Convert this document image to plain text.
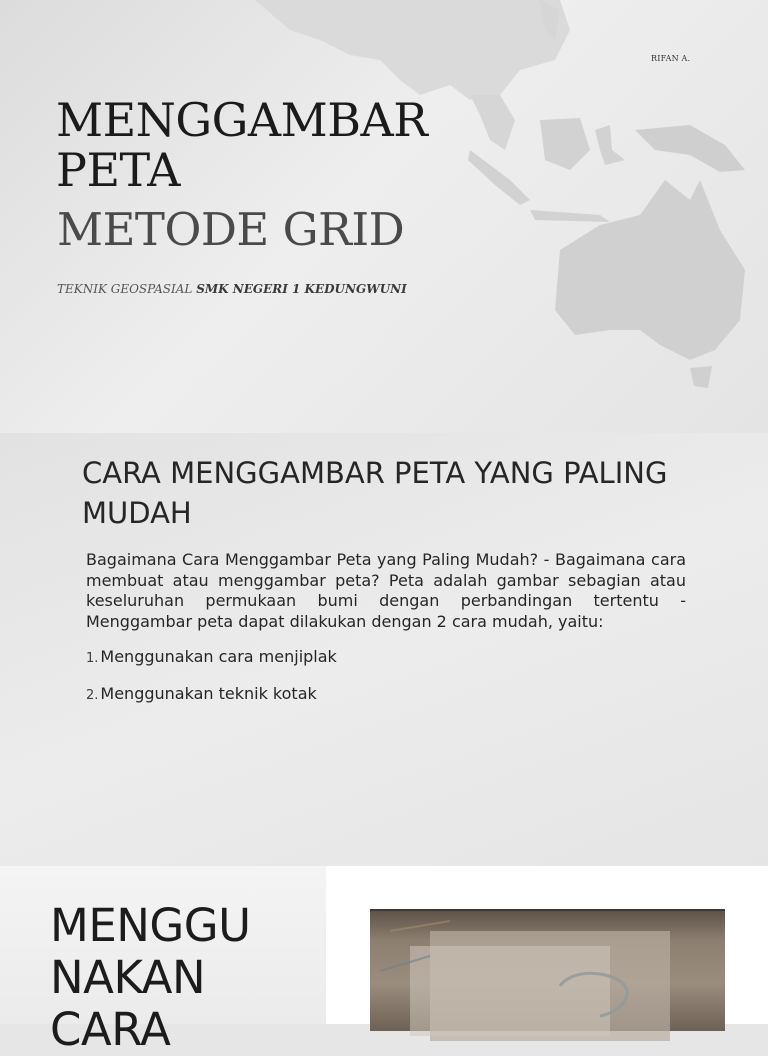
RIFAN A.
MENGGAMBAR
PETA
METODE GRID
TEKNIK GEOSPASIAL SMK NEGERI 1 KEDUNGWUNI
CARA MENGGAMBAR PETA YANG PALING MUDAH

Bagaimana Cara Menggambar Peta yang Paling Mudah? - Bagaimana cara membuat atau menggambar peta? Peta adalah gambar sebagian atau keseluruhan permukaan bumi dengan perbandingan tertentu - Menggambar peta dapat dilakukan dengan 2 cara mudah, yaitu:

1. Menggunakan cara menjiplak
2. Menggunakan teknik kotak
MENGGU
NAKAN
CARA
